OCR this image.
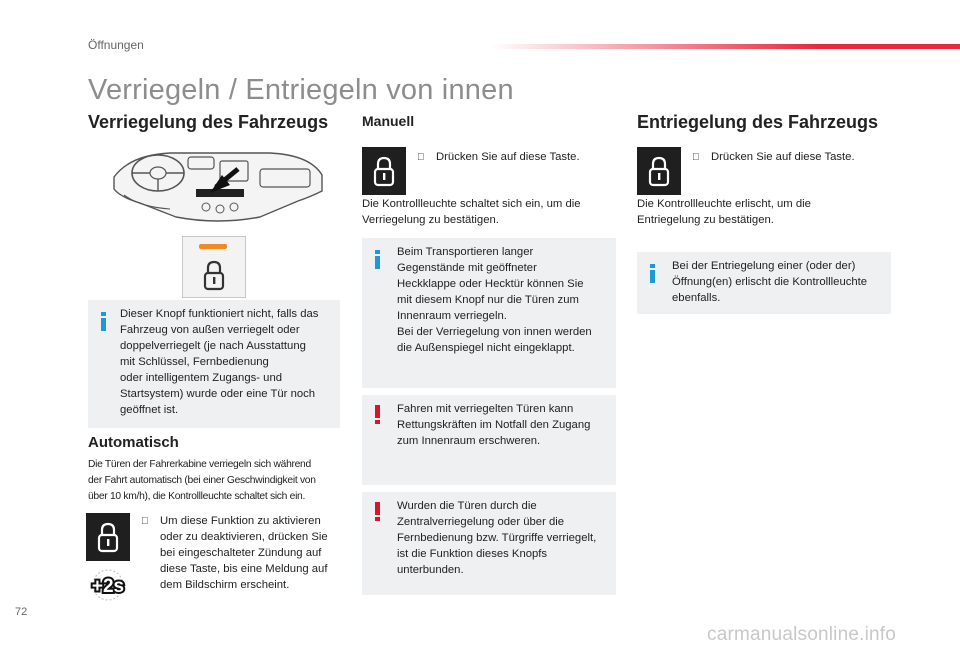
Öffnungen
Verriegeln / Entriegeln von innen
Verriegelung des Fahrzeugs
Dieser Knopf funktioniert nicht, falls das
Fahrzeug von außen verriegelt oder
doppelverriegelt (je nach Ausstattung
mit Schlüssel, Fernbedienung
oder intelligentem Zugangs- und
Startsystem) wurde oder eine Tür noch
geöffnet ist.
Automatisch
Die Türen der Fahrerkabine verriegeln sich während
der Fahrt automatisch (bei einer Geschwindigkeit von
über 10 km/h), die Kontrollleuchte schaltet sich ein.
Um diese Funktion zu aktivieren
oder zu deaktivieren, drücken Sie
bei eingeschalteter Zündung auf
diese Taste, bis eine Meldung auf
dem Bildschirm erscheint.
+2s
Manuell
Drücken Sie auf diese Taste.
Die Kontrollleuchte schaltet sich ein, um die
Verriegelung zu bestätigen.
Beim Transportieren langer
Gegenstände mit geöffneter
Heckklappe oder Hecktür können Sie
mit diesem Knopf nur die Türen zum
Innenraum verriegeln.
Bei der Verriegelung von innen werden
die Außenspiegel nicht eingeklappt.
Fahren mit verriegelten Türen kann
Rettungskräften im Notfall den Zugang
zum Innenraum erschweren.
Wurden die Türen durch die
Zentralverriegelung oder über die
Fernbedienung bzw. Türgriffe verriegelt,
ist die Funktion dieses Knopfs
unterbunden.
Entriegelung des Fahrzeugs
Drücken Sie auf diese Taste.
Die Kontrollleuchte erlischt, um die
Entriegelung zu bestätigen.
Bei der Entriegelung einer (oder der)
Öffnung(en) erlischt die Kontrollleuchte
ebenfalls.
72
carmanualsonline.info
